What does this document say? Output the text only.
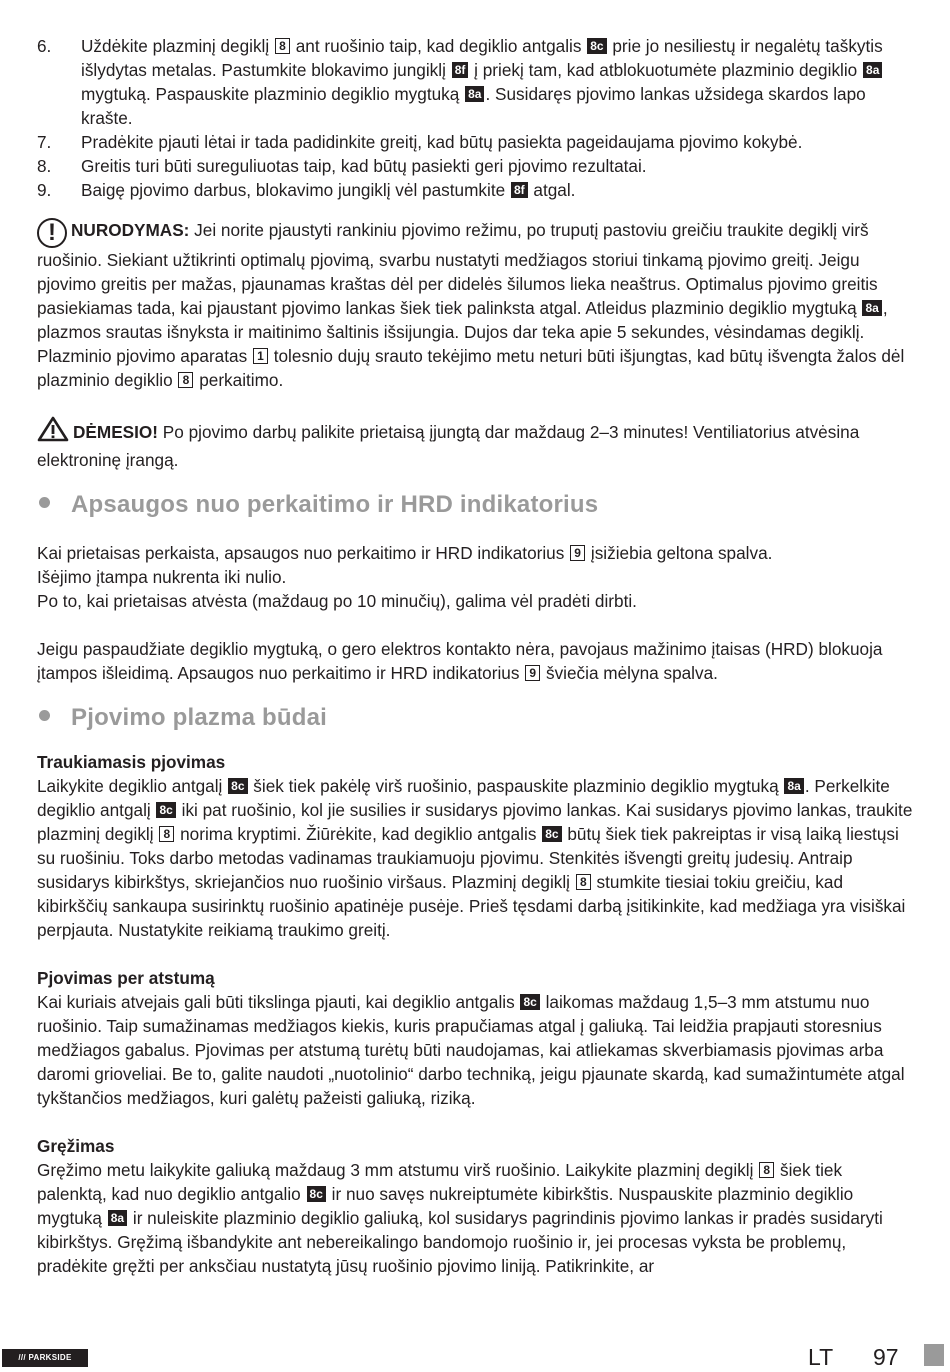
6. Uždėkite plazminį degiklį 8 ant ruošinio taip, kad degiklio antgalis 8c prie jo nesiliestų ir negalėtų taškytis išlydytas metalas. Pastumkite blokavimo jungiklį 8f į priekį tam, kad atblokuotumėte plazminio degiklio 8a mygtuką. Paspauskite plazminio degiklio mygtuką 8a . Susidaręs pjovimo lankas užsidega skardos lapo krašte.
7. Pradėkite pjauti lėtai ir tada padidinkite greitį, kad būtų pasiekta pageidaujama pjovimo kokybė.
8. Greitis turi būti sureguliuotas taip, kad būtų pasiekti geri pjovimo rezultatai.
9. Baigę pjovimo darbus, blokavimo jungiklį vėl pastumkite 8f atgal.

! NURODYMAS: Jei norite pjaustyti rankiniu pjovimo režimu, po truputį pastoviu greičiu traukite degiklį virš ruošinio. Siekiant užtikrinti optimalų pjovimą, svarbu nustatyti medžiagos storiui tinkamą pjovimo greitį. Jeigu pjovimo greitis per mažas, pjaunamas kraštas dėl per didelės šilumos lieka neaštrus. Optimalus pjovimo greitis pasiekiamas tada, kai pjaustant pjovimo lankas šiek tiek palinksta atgal. Atleidus plazminio degiklio mygtuką 8a , plazmos srautas išnyksta ir maitinimo šaltinis išsijungia. Dujos dar teka apie 5 sekundes, vėsindamas degiklį. Plazminio pjovimo aparatas 1 tolesnio dujų srauto tekėjimo metu neturi būti išjungtas, kad būtų išvengta žalos dėl plazminio degiklio 8 perkaitimo.

DĖMESIO! Po pjovimo darbų palikite prietaisą įjungtą dar maždaug 2–3 minutes! Ventiliatorius atvėsina elektroninę įrangą.

Apsaugos nuo perkaitimo ir HRD indikatorius

Kai prietaisas perkaista, apsaugos nuo perkaitimo ir HRD indikatorius 9 įsižiebia geltona spalva.

Išėjimo įtampa nukrenta iki nulio.

Po to, kai prietaisas atvėsta (maždaug po 10 minučių), galima vėl pradėti dirbti.

Jeigu paspaudžiate degiklio mygtuką, o gero elektros kontakto nėra, pavojaus mažinimo įtaisas (HRD) blokuoja įtampos išleidimą. Apsaugos nuo perkaitimo ir HRD indikatorius 9 šviečia mėlyna spalva.

Pjovimo plazma būdai
Traukiamasis pjovimas

Laikykite degiklio antgalį 8c šiek tiek pakėlę virš ruošinio, paspauskite plazminio degiklio mygtuką 8a . Perkelkite degiklio antgalį 8c iki pat ruošinio, kol jie susilies ir susidarys pjovimo lankas. Kai susidarys pjovimo lankas, traukite plazminį degiklį 8 norima kryptimi. Žiūrėkite, kad degiklio antgalis 8c būtų šiek tiek pakreiptas ir visą laiką liestųsi su ruošiniu. Toks darbo metodas vadinamas traukiamuoju pjovimu. Stenkitės išvengti greitų judesių. Antraip susidarys kibirkštys, skriejančios nuo ruošinio viršaus. Plazminį degiklį 8 stumkite tiesiai tokiu greičiu, kad kibirkščių sankaupa susirinktų ruošinio apatinėje pusėje. Prieš tęsdami darbą įsitikinkite, kad medžiaga yra visiškai perpjauta. Nustatykite reikiamą traukimo greitį.

Pjovimas per atstumą

Kai kuriais atvejais gali būti tikslinga pjauti, kai degiklio antgalis 8c laikomas maždaug 1,5–3 mm atstumu nuo ruošinio. Taip sumažinamas medžiagos kiekis, kuris prapučiamas atgal į galiuką. Tai leidžia prapjauti storesnius medžiagos gabalus. Pjovimas per atstumą turėtų būti naudojamas, kai atliekamas skverbiamasis pjovimas arba daromi grioveliai. Be to, galite naudoti „nuotolinio“ darbo techniką, jeigu pjaunate skardą, kad sumažintumėte atgal tykštančios medžiagos, kuri galėtų pažeisti galiuką, riziką.

Gręžimas

Gręžimo metu laikykite galiuką maždaug 3 mm atstumu virš ruošinio. Laikykite plazminį degiklį 8 šiek tiek palenktą, kad nuo degiklio antgalio 8c ir nuo savęs nukreiptumėte kibirkštis. Nuspauskite plazminio degiklio mygtuką 8a ir nuleiskite plazminio degiklio galiuką, kol susidarys pagrindinis pjovimo lankas ir pradės susidaryti kibirkštys. Gręžimą išbandykite ant nebereikalingo bandomojo ruošinio ir, jei procesas vyksta be problemų, pradėkite gręžti per anksčiau nustatytą jūsų ruošinio pjovimo liniją. Patikrinkite, ar

/// PARKSIDE	LT 97
